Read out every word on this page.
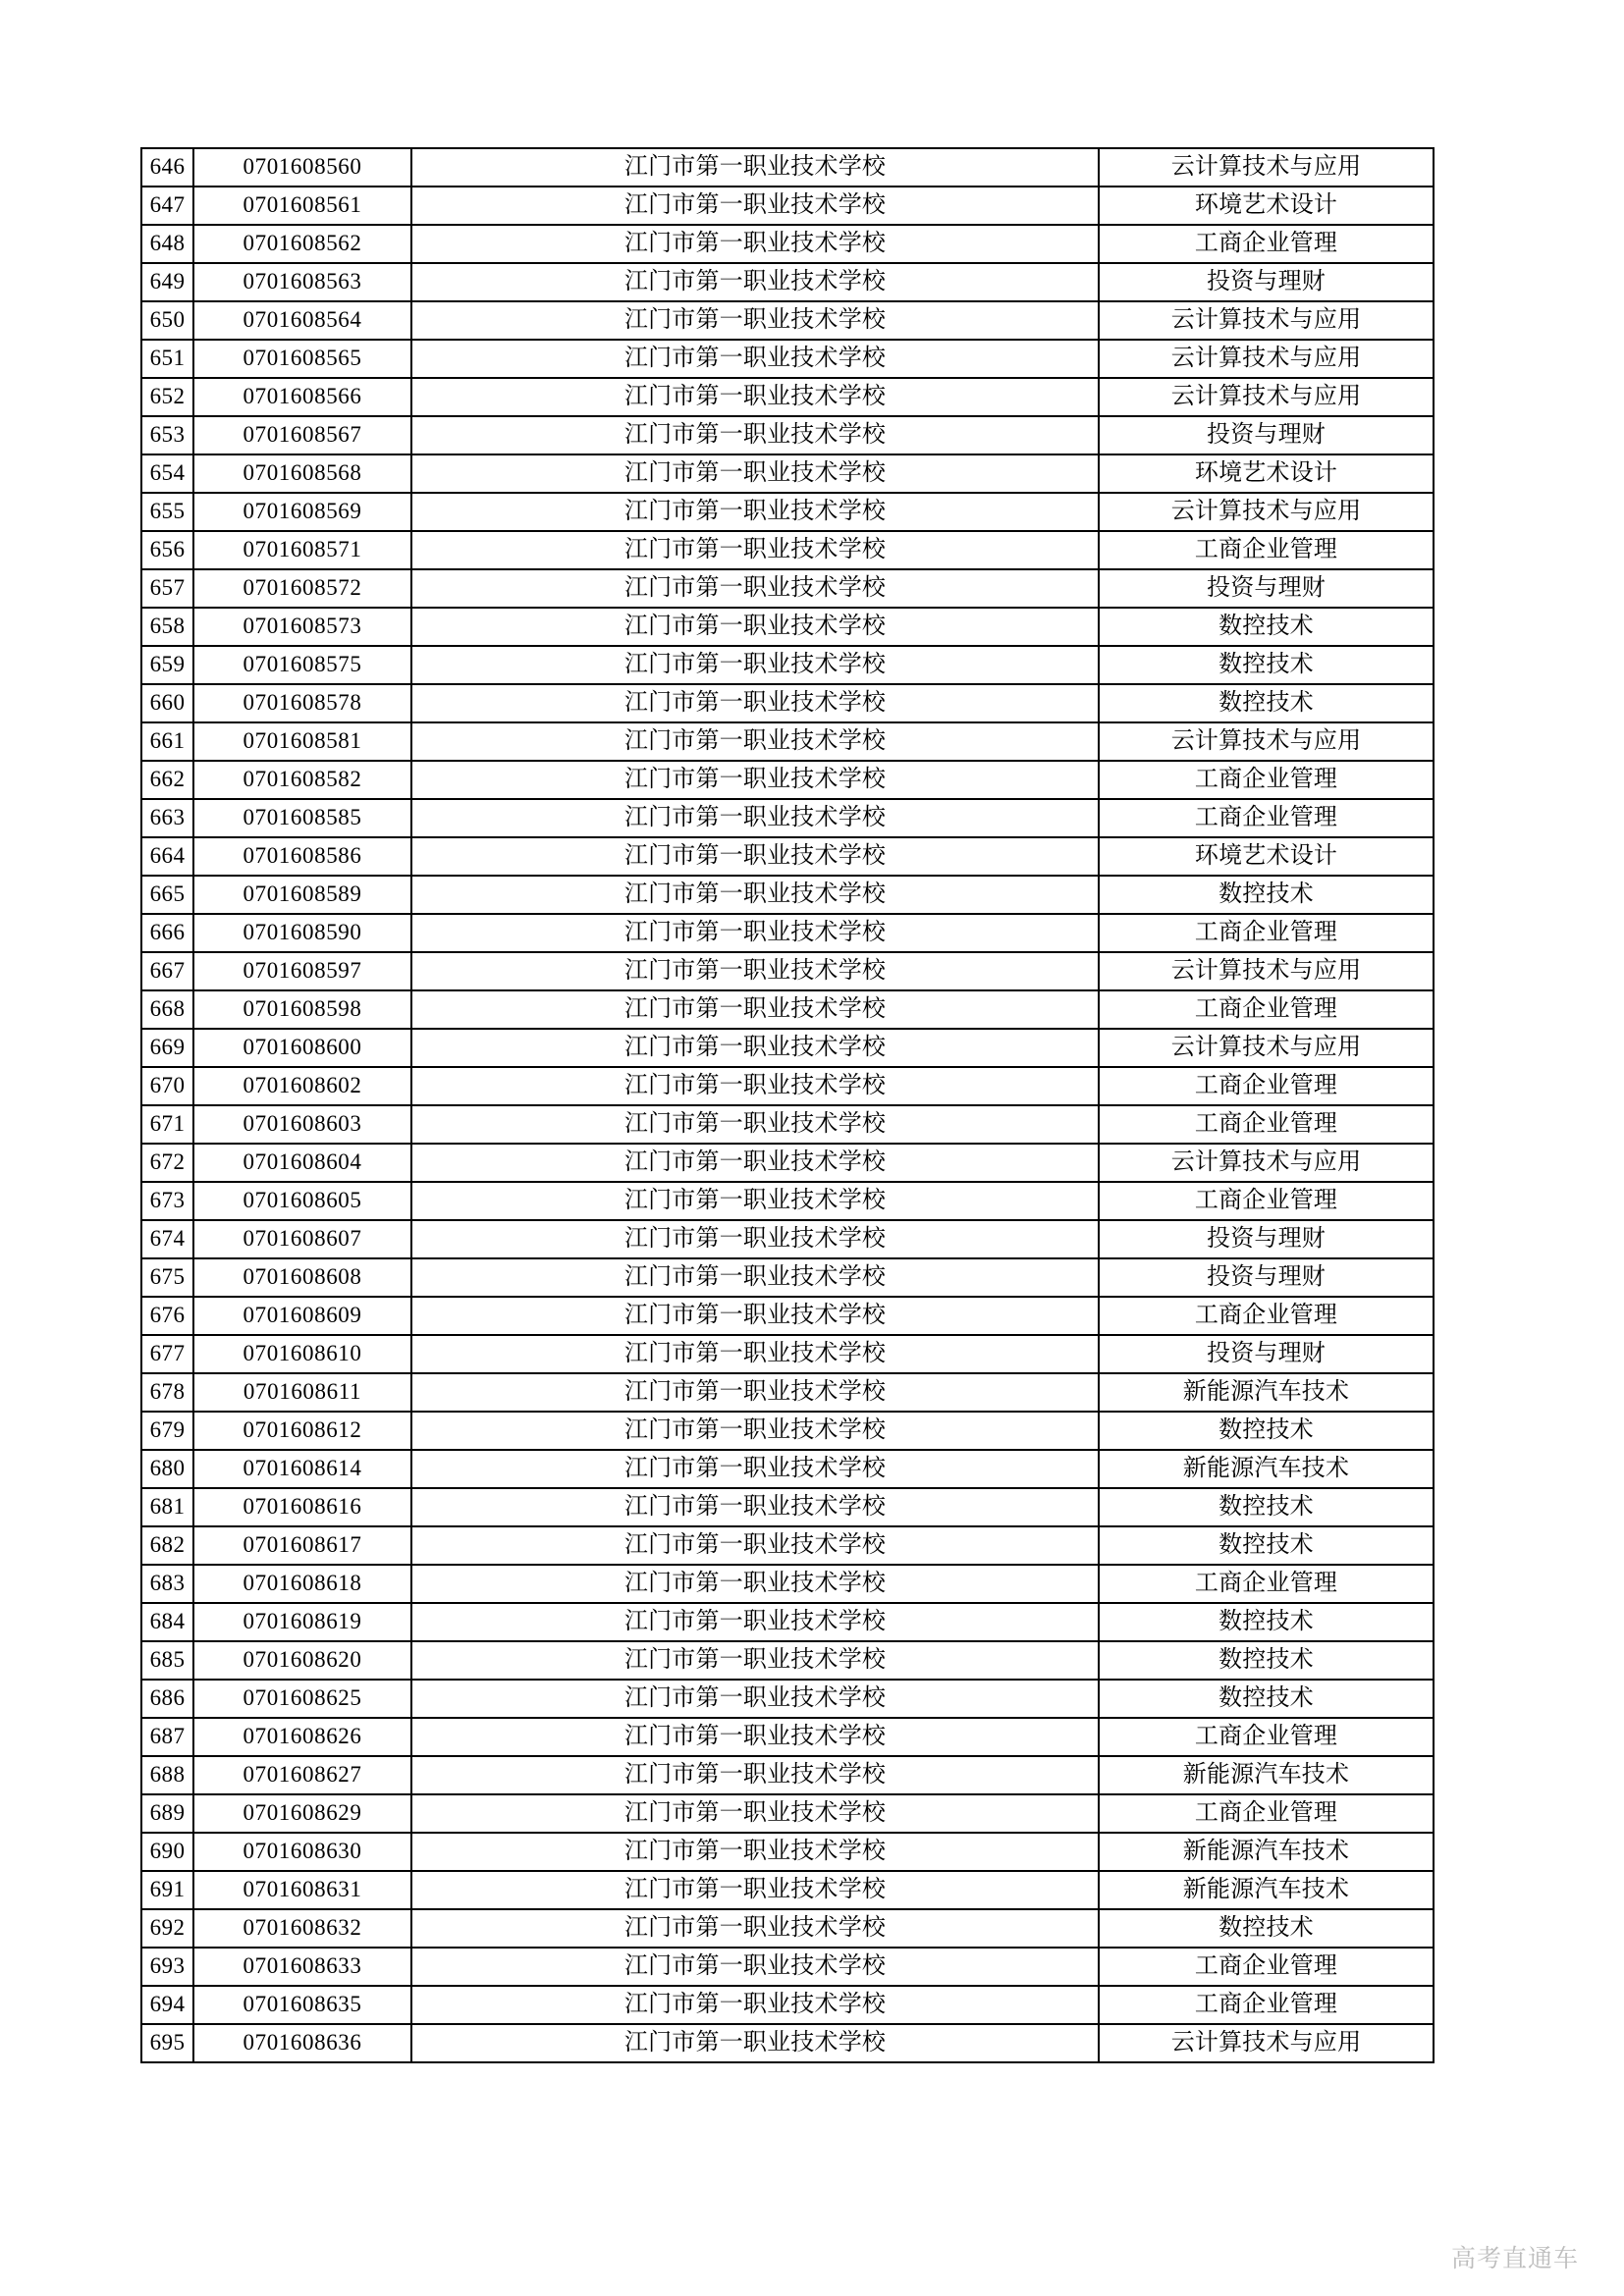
646	0701608560	江门市第一职业技术学校	云计算技术与应用
647	0701608561	江门市第一职业技术学校	环境艺术设计
648	0701608562	江门市第一职业技术学校	工商企业管理
649	0701608563	江门市第一职业技术学校	投资与理财
650	0701608564	江门市第一职业技术学校	云计算技术与应用
651	0701608565	江门市第一职业技术学校	云计算技术与应用
652	0701608566	江门市第一职业技术学校	云计算技术与应用
653	0701608567	江门市第一职业技术学校	投资与理财
654	0701608568	江门市第一职业技术学校	环境艺术设计
655	0701608569	江门市第一职业技术学校	云计算技术与应用
656	0701608571	江门市第一职业技术学校	工商企业管理
657	0701608572	江门市第一职业技术学校	投资与理财
658	0701608573	江门市第一职业技术学校	数控技术
659	0701608575	江门市第一职业技术学校	数控技术
660	0701608578	江门市第一职业技术学校	数控技术
661	0701608581	江门市第一职业技术学校	云计算技术与应用
662	0701608582	江门市第一职业技术学校	工商企业管理
663	0701608585	江门市第一职业技术学校	工商企业管理
664	0701608586	江门市第一职业技术学校	环境艺术设计
665	0701608589	江门市第一职业技术学校	数控技术
666	0701608590	江门市第一职业技术学校	工商企业管理
667	0701608597	江门市第一职业技术学校	云计算技术与应用
668	0701608598	江门市第一职业技术学校	工商企业管理
669	0701608600	江门市第一职业技术学校	云计算技术与应用
670	0701608602	江门市第一职业技术学校	工商企业管理
671	0701608603	江门市第一职业技术学校	工商企业管理
672	0701608604	江门市第一职业技术学校	云计算技术与应用
673	0701608605	江门市第一职业技术学校	工商企业管理
674	0701608607	江门市第一职业技术学校	投资与理财
675	0701608608	江门市第一职业技术学校	投资与理财
676	0701608609	江门市第一职业技术学校	工商企业管理
677	0701608610	江门市第一职业技术学校	投资与理财
678	0701608611	江门市第一职业技术学校	新能源汽车技术
679	0701608612	江门市第一职业技术学校	数控技术
680	0701608614	江门市第一职业技术学校	新能源汽车技术
681	0701608616	江门市第一职业技术学校	数控技术
682	0701608617	江门市第一职业技术学校	数控技术
683	0701608618	江门市第一职业技术学校	工商企业管理
684	0701608619	江门市第一职业技术学校	数控技术
685	0701608620	江门市第一职业技术学校	数控技术
686	0701608625	江门市第一职业技术学校	数控技术
687	0701608626	江门市第一职业技术学校	工商企业管理
688	0701608627	江门市第一职业技术学校	新能源汽车技术
689	0701608629	江门市第一职业技术学校	工商企业管理
690	0701608630	江门市第一职业技术学校	新能源汽车技术
691	0701608631	江门市第一职业技术学校	新能源汽车技术
692	0701608632	江门市第一职业技术学校	数控技术
693	0701608633	江门市第一职业技术学校	工商企业管理
694	0701608635	江门市第一职业技术学校	工商企业管理
695	0701608636	江门市第一职业技术学校	云计算技术与应用
高考直通车
